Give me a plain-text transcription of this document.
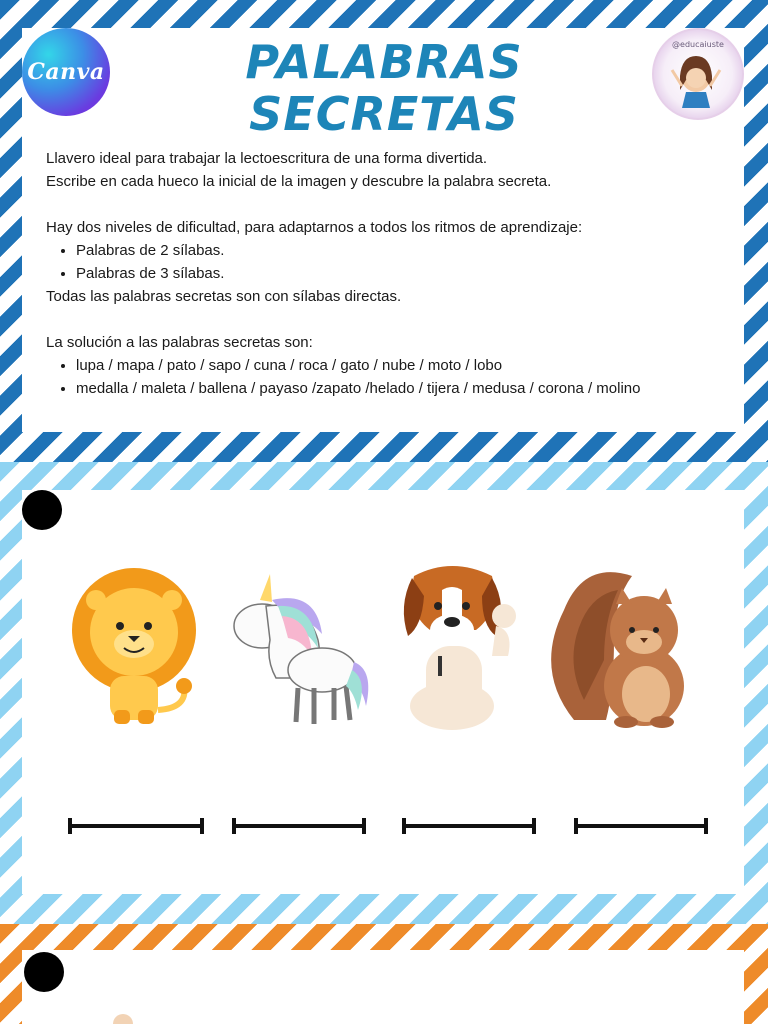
Canva
@educaiuste
PALABRAS
SECRETAS

Llavero ideal para trabajar la lectoescritura de una forma divertida.

Escribe en cada hueco la inicial de la imagen y descubre la palabra secreta.

Hay dos niveles de dificultad, para adaptarnos a todos los ritmos de aprendizaje:

• Palabras de 2 sílabas.
• Palabras de 3 sílabas.

Todas las palabras secretas son con sílabas directas.

La solución a las palabras secretas son:

• lupa / mapa / pato / sapo / cuna / roca / gato / nube / moto / lobo
• medalla / maleta / ballena / payaso /zapato /helado / tijera / medusa / corona / molino
